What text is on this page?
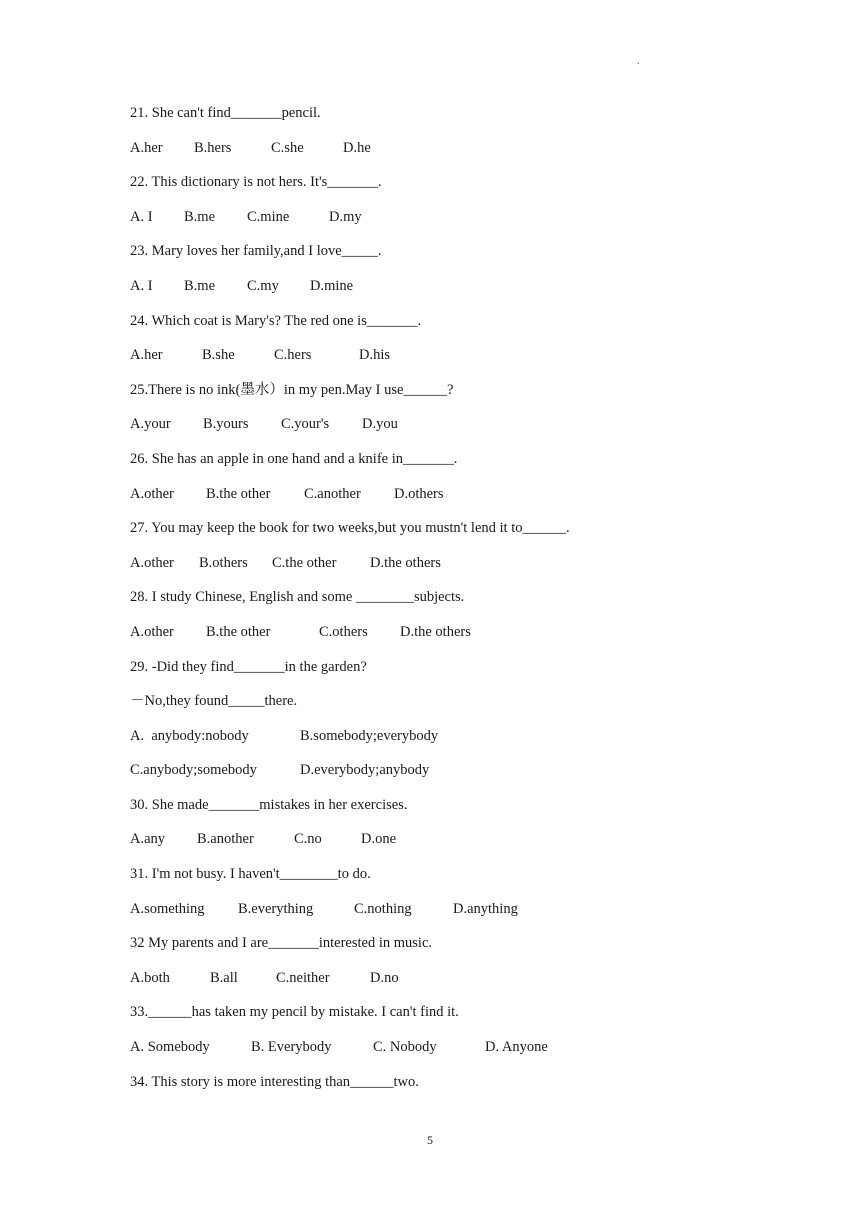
.
21. She can't find_______pencil.
A.her	B.hers	C.she	D.he
22. This dictionary is not hers. It's_______.
A. I	B.me	C.mine	D.my
23. Mary loves her family,and I love_____.
A. I	B.me	C.my	D.mine
24. Which coat is Mary's? The red one is_______.
A.her	B.she	C.hers	D.his
25.There is no ink(墨水）in my pen.May I use______?
A.your	B.yours	C.your's	D.you
26. She has an apple in one hand and a knife in_______.
A.other	B.the other	C.another	D.others
27. You may keep the book for two weeks,but you mustn't lend it to______.
A.other	B.others	C.the other	D.the others
28. I study Chinese, English and some ________subjects.
A.other	B.the other	C.others	D.the others
29. -Did they find_______in the garden?
－No,they found_____there.
A.  anybody:nobody	B.somebody;everybody
C.anybody;somebody	D.everybody;anybody
30. She made_______mistakes in her exercises.
A.any	B.another	C.no	D.one
31. I'm not busy. I haven't________to do.
A.something	B.everything	C.nothing	D.anything
32 My parents and I are_______interested in music.
A.both	B.all	C.neither	D.no
33.______has taken my pencil by mistake. I can't find it.
A. Somebody	B. Everybody	C. Nobody	D. Anyone
34. This story is more interesting than______two.
5
